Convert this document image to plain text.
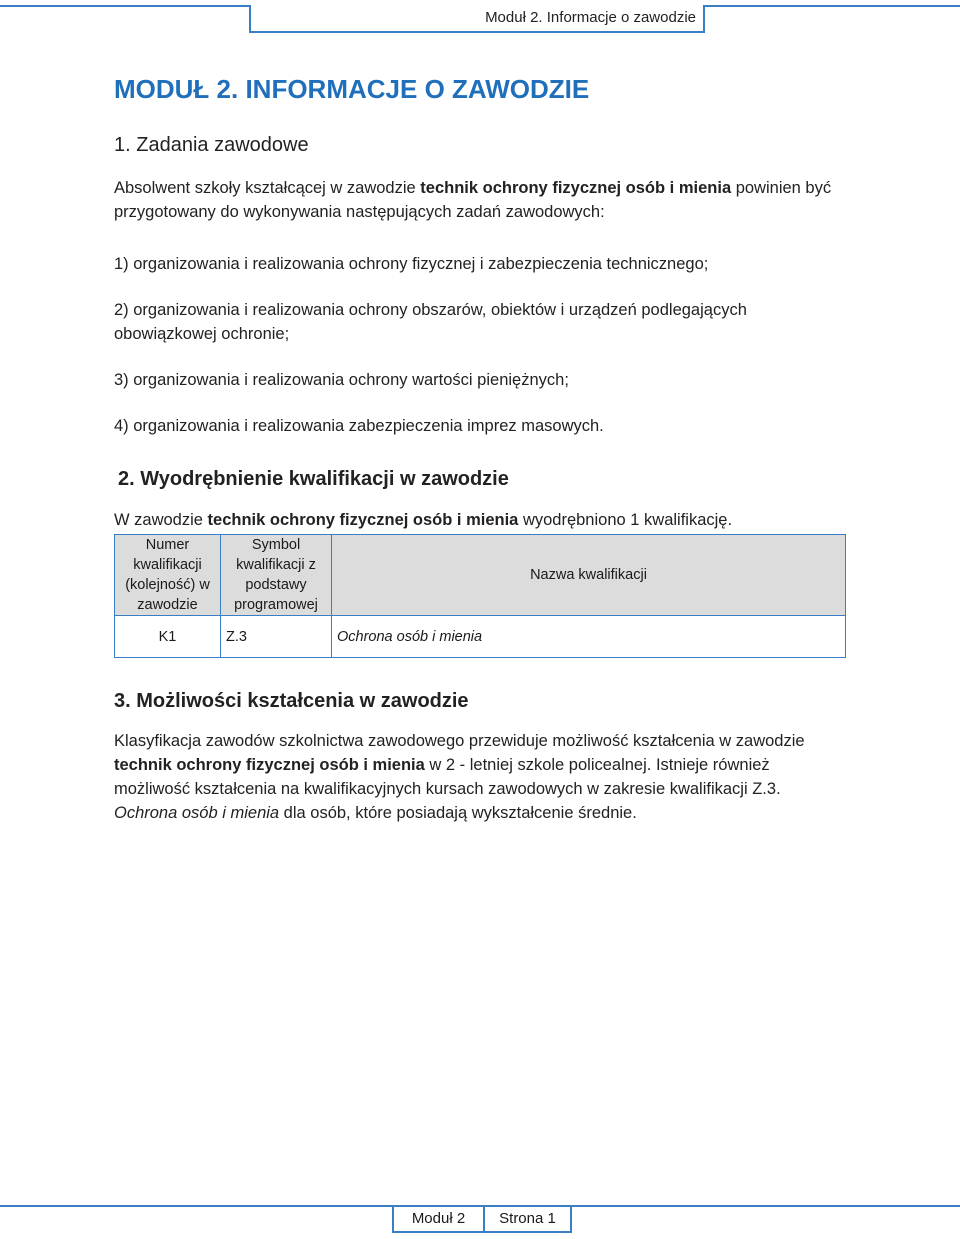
Moduł 2. Informacje o zawodzie
MODUŁ 2. INFORMACJE O ZAWODZIE
1. Zadania zawodowe
Absolwent szkoły kształcącej w zawodzie technik ochrony fizycznej osób i mienia powinien być przygotowany do wykonywania następujących zadań zawodowych:
1) organizowania i realizowania ochrony fizycznej i zabezpieczenia technicznego;
2) organizowania i realizowania ochrony obszarów, obiektów i urządzeń podlegających obowiązkowej ochronie;
3) organizowania i realizowania ochrony wartości pieniężnych;
4) organizowania i realizowania zabezpieczenia imprez masowych.
2. Wyodrębnienie kwalifikacji w zawodzie
W zawodzie technik ochrony fizycznej osób i mienia wyodrębniono 1 kwalifikację.
Numer kwalifikacji (kolejność) w zawodzie	Symbol kwalifikacji z podstawy programowej	Nazwa kwalifikacji
K1	Z.3	Ochrona osób i mienia
3. Możliwości kształcenia w zawodzie
Klasyfikacja zawodów szkolnictwa zawodowego przewiduje możliwość kształcenia w zawodzie technik ochrony fizycznej osób i mienia w 2 - letniej szkole policealnej. Istnieje również możliwość kształcenia na kwalifikacyjnych kursach zawodowych w zakresie kwalifikacji Z.3. Ochrona osób i mienia dla osób, które posiadają wykształcenie średnie.
Moduł 2	Strona 1
